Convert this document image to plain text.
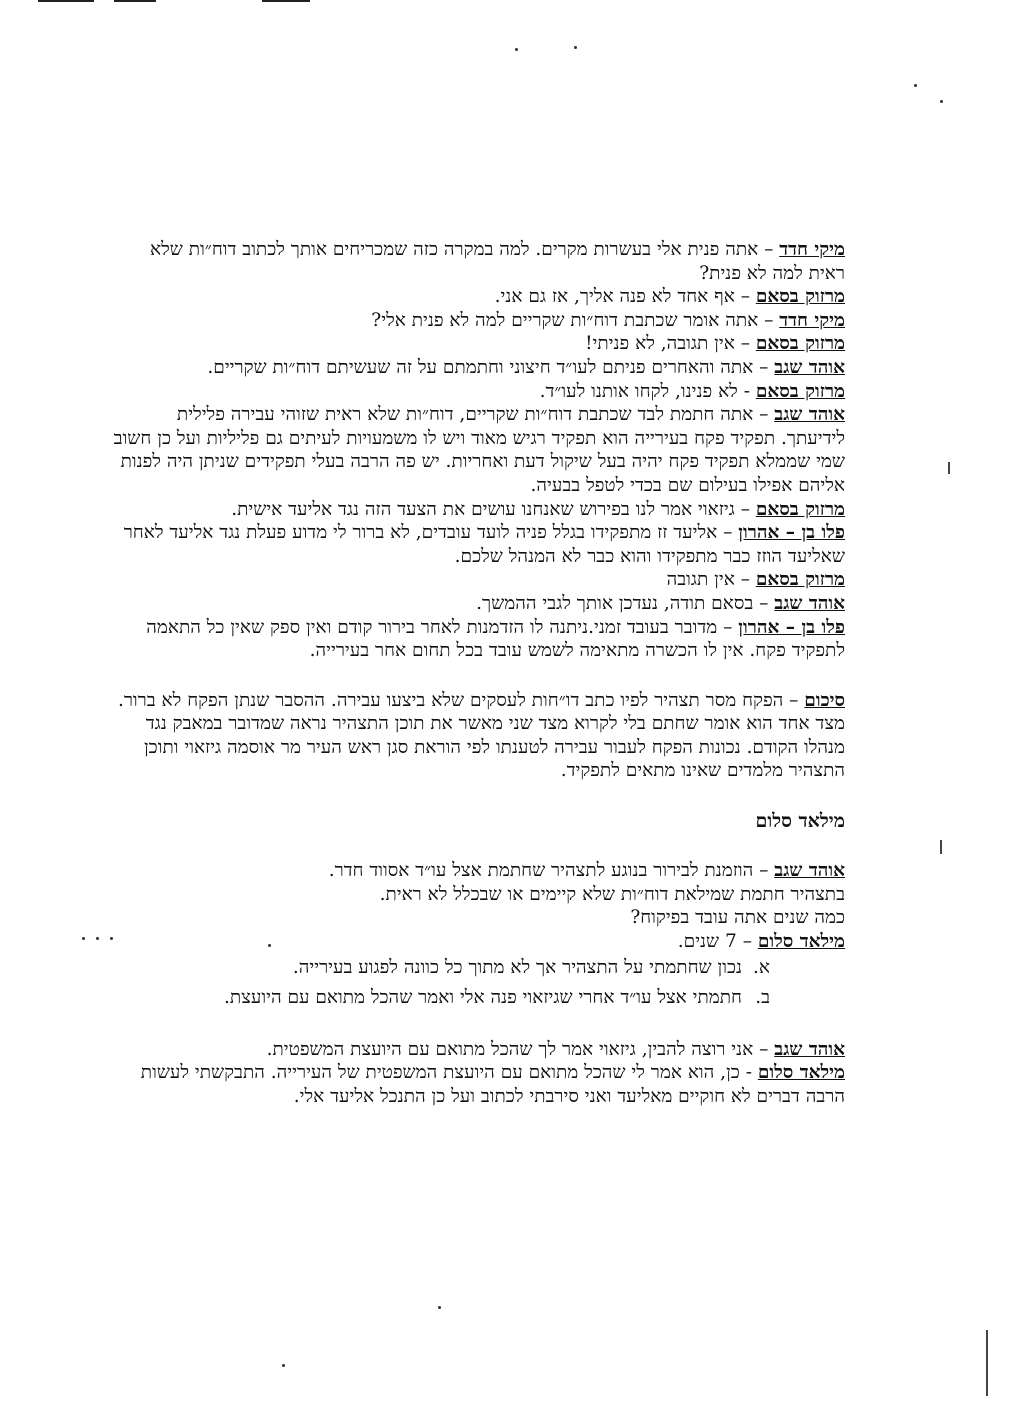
מיקי חדד – אתה פנית אלי בעשרות מקרים. למה במקרה כזה שמכריחים אותך לכתוב דוח״ות שלא ראית למה לא פנית?

מרזוק בסאם – אף אחד לא פנה אליך, אז גם אני.

מיקי חדד – אתה אומר שכתבת דוח״ות שקריים למה לא פנית אלי?

מרזוק בסאם – אין תגובה, לא פניתי!

אוהד שגב – אתה והאחרים פניתם לעו״ד חיצוני וחתמתם על זה שעשיתם דוח״ות שקריים.

מרזוק בסאם - לא פנינו, לקחו אותנו לעו״ד.

אוהד שגב – אתה חתמת לבד שכתבת דוח״ות שקריים, דוח״ות שלא ראית שזוהי עבירה פלילית לידיעתך. תפקיד פקח בעירייה הוא תפקיד רגיש מאוד ויש לו משמעויות לעיתים גם פליליות ועל כן חשוב שמי שממלא תפקיד פקח יהיה בעל שיקול דעת ואחריות. יש פה הרבה בעלי תפקידים שניתן היה לפנות אליהם אפילו בעילום שם בכדי לטפל בבעיה.

מרזוק בסאם – גיזאוי אמר לנו בפירוש שאנחנו עושים את הצעד הזה נגד אליעד אישית.

פלו בן – אהרון – אליעד זז מתפקידו בגלל פניה לועד עובדים, לא ברור לי מדוע פעלת נגד אליעד לאחר שאליעד הוזז כבר מתפקידו והוא כבר לא המנהל שלכם.

מרזוק בסאם – אין תגובה

אוהד שגב – בסאם תודה, נעדכן אותך לגבי ההמשך.

פלו בן – אהרון – מדובר בעובד זמני.ניתנה לו הזדמנות לאחר בירור קודם ואין ספק שאין כל התאמה לתפקיד פקח. אין לו הכשרה מתאימה לשמש עובד בכל תחום אחר בעירייה.

סיכום – הפקח מסר תצהיר לפיו כתב דו״חות לעסקים שלא ביצעו עבירה. ההסבר שנתן הפקח לא ברור. מצד אחד הוא אומר שחתם בלי לקרוא מצד שני מאשר את תוכן התצהיר נראה שמדובר במאבק נגד מנהלו הקודם. נכונות הפקח לעבור עבירה לטענתו לפי הוראת סגן ראש העיר מר אוסמה גיזאוי ותוכן התצהיר מלמדים שאינו מתאים לתפקיד.

מילאד סלום

אוהד שגב – הוזמנת לבירור בנוגע לתצהיר שחתמת אצל עו״ד אסווד חדר.

בתצהיר חתמת שמילאת דוח״ות שלא קיימים או שבכלל לא ראית.

כמה שנים אתה עובד בפיקוח?

מילאד סלום – 7 שנים.

א.נכון שחתמתי על התצהיר אך לא מתוך כל כוונה לפגוע בעירייה.
ב.חתמתי אצל עו״ד אחרי שגיזאוי פנה אלי ואמר שהכל מתואם עם היועצת.

אוהד שגב – אני רוצה להבין, גיזאוי אמר לך שהכל מתואם עם היועצת המשפטית.

מילאד סלום - כן, הוא אמר לי שהכל מתואם עם היועצת המשפטית של העירייה. התבקשתי לעשות הרבה דברים לא חוקיים מאליעד ואני סירבתי לכתוב ועל כן התנכל אליעד אלי.
